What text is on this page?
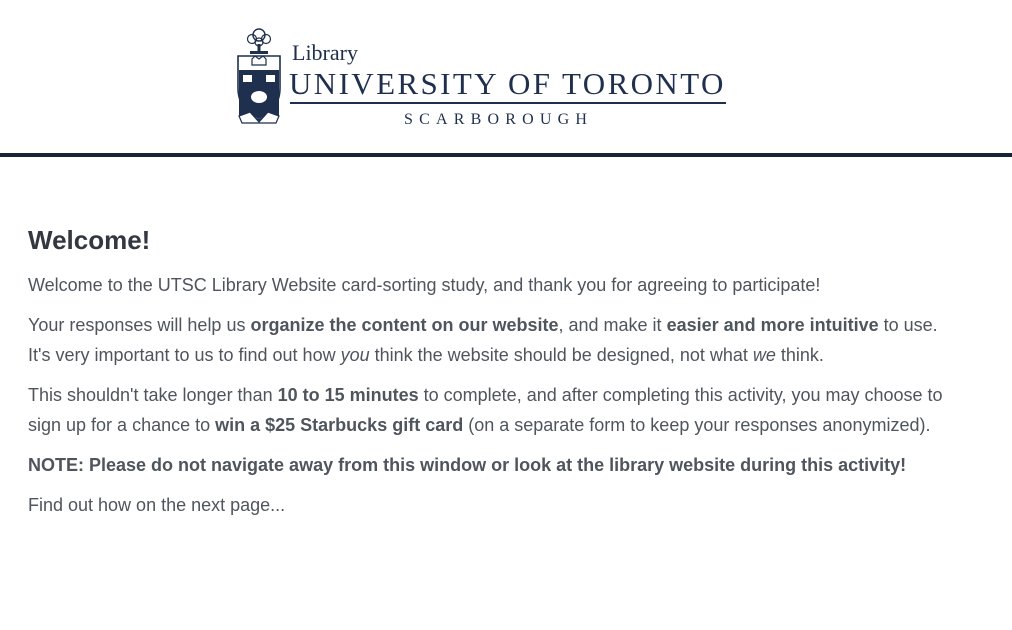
Library
UNIVERSITY OF TORONTO
SCARBOROUGH
Welcome!

Welcome to the UTSC Library Website card-sorting study, and thank you for agreeing to participate!

Your responses will help us organize the content on our website, and make it easier and more intuitive to use. It's very important to us to find out how you think the website should be designed, not what we think.

This shouldn't take longer than 10 to 15 minutes to complete, and after completing this activity, you may choose to sign up for a chance to win a $25 Starbucks gift card (on a separate form to keep your responses anonymized).

NOTE: Please do not navigate away from this window or look at the library website during this activity!

Find out how on the next page...
